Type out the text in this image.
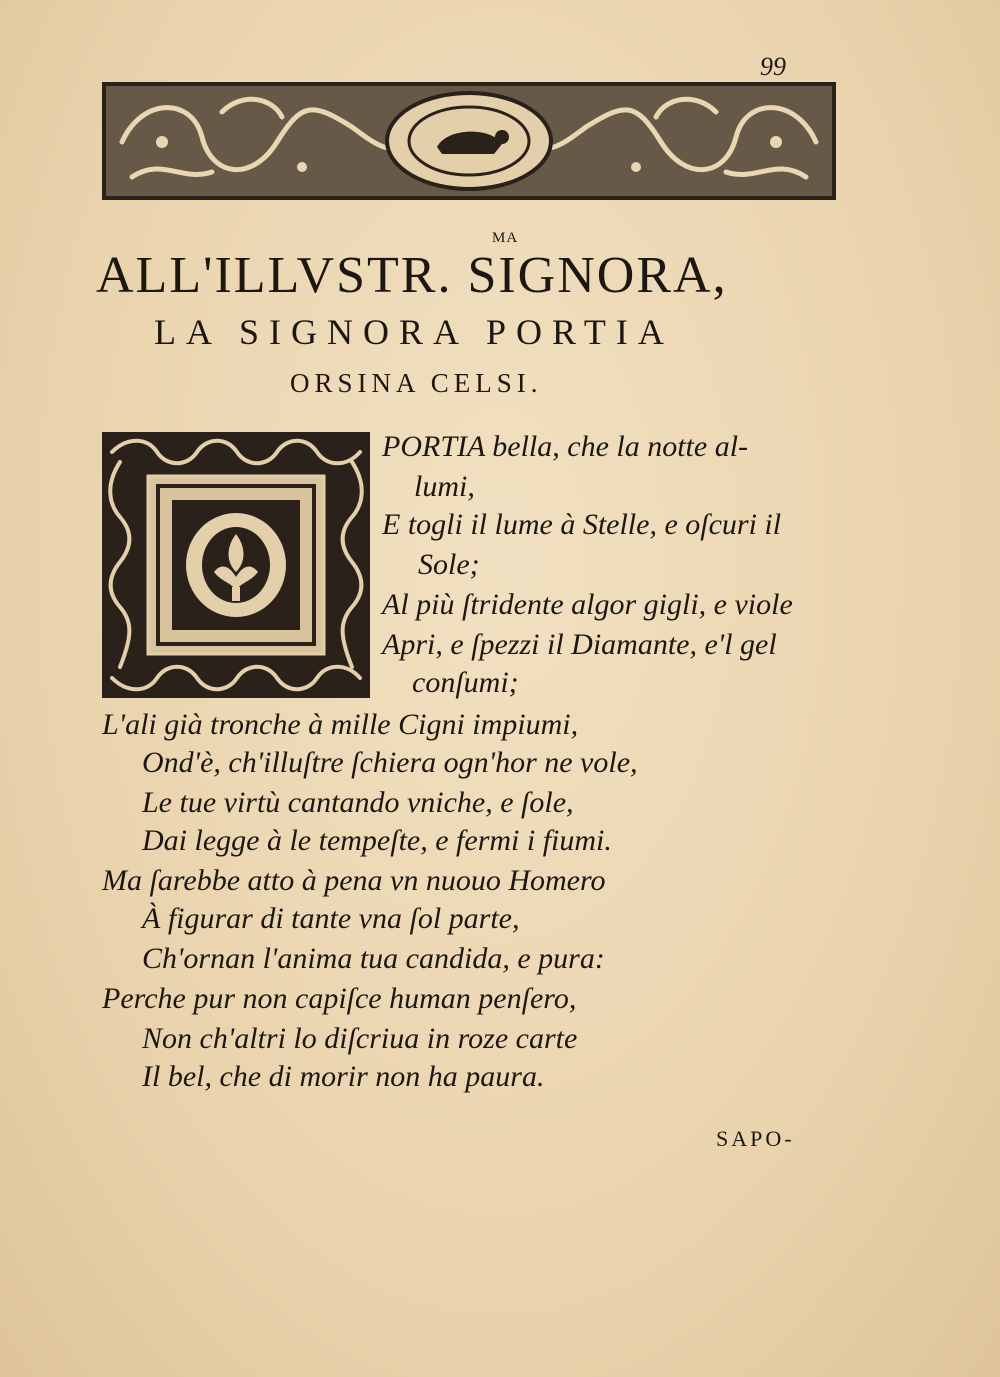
99
MA
ALL'ILLVSTR. SIGNORA,
LA SIGNORA PORTIA
ORSINA CELSI.
PORTIA bella, che la notte al-
lumi,
E togli il lume à Stelle, e oſcuri il
Sole;
Al più ſtridente algor gigli, e viole
Apri, e ſpezzi il Diamante, e'l gel
conſumi;
L'ali già tronche à mille Cigni impiumi,
Ond'è, ch'illuſtre ſchiera ogn'hor ne vole,
Le tue virtù cantando vniche, e ſole,
Dai legge à le tempeſte, e fermi i fiumi.
Ma ſarebbe atto à pena vn nuouo Homero
À figurar di tante vna ſol parte,
Ch'ornan l'anima tua candida, e pura:
Perche pur non capiſce human penſero,
Non ch'altri lo diſcriua in roze carte
Il bel, che di morir non ha paura.
SAPO-
